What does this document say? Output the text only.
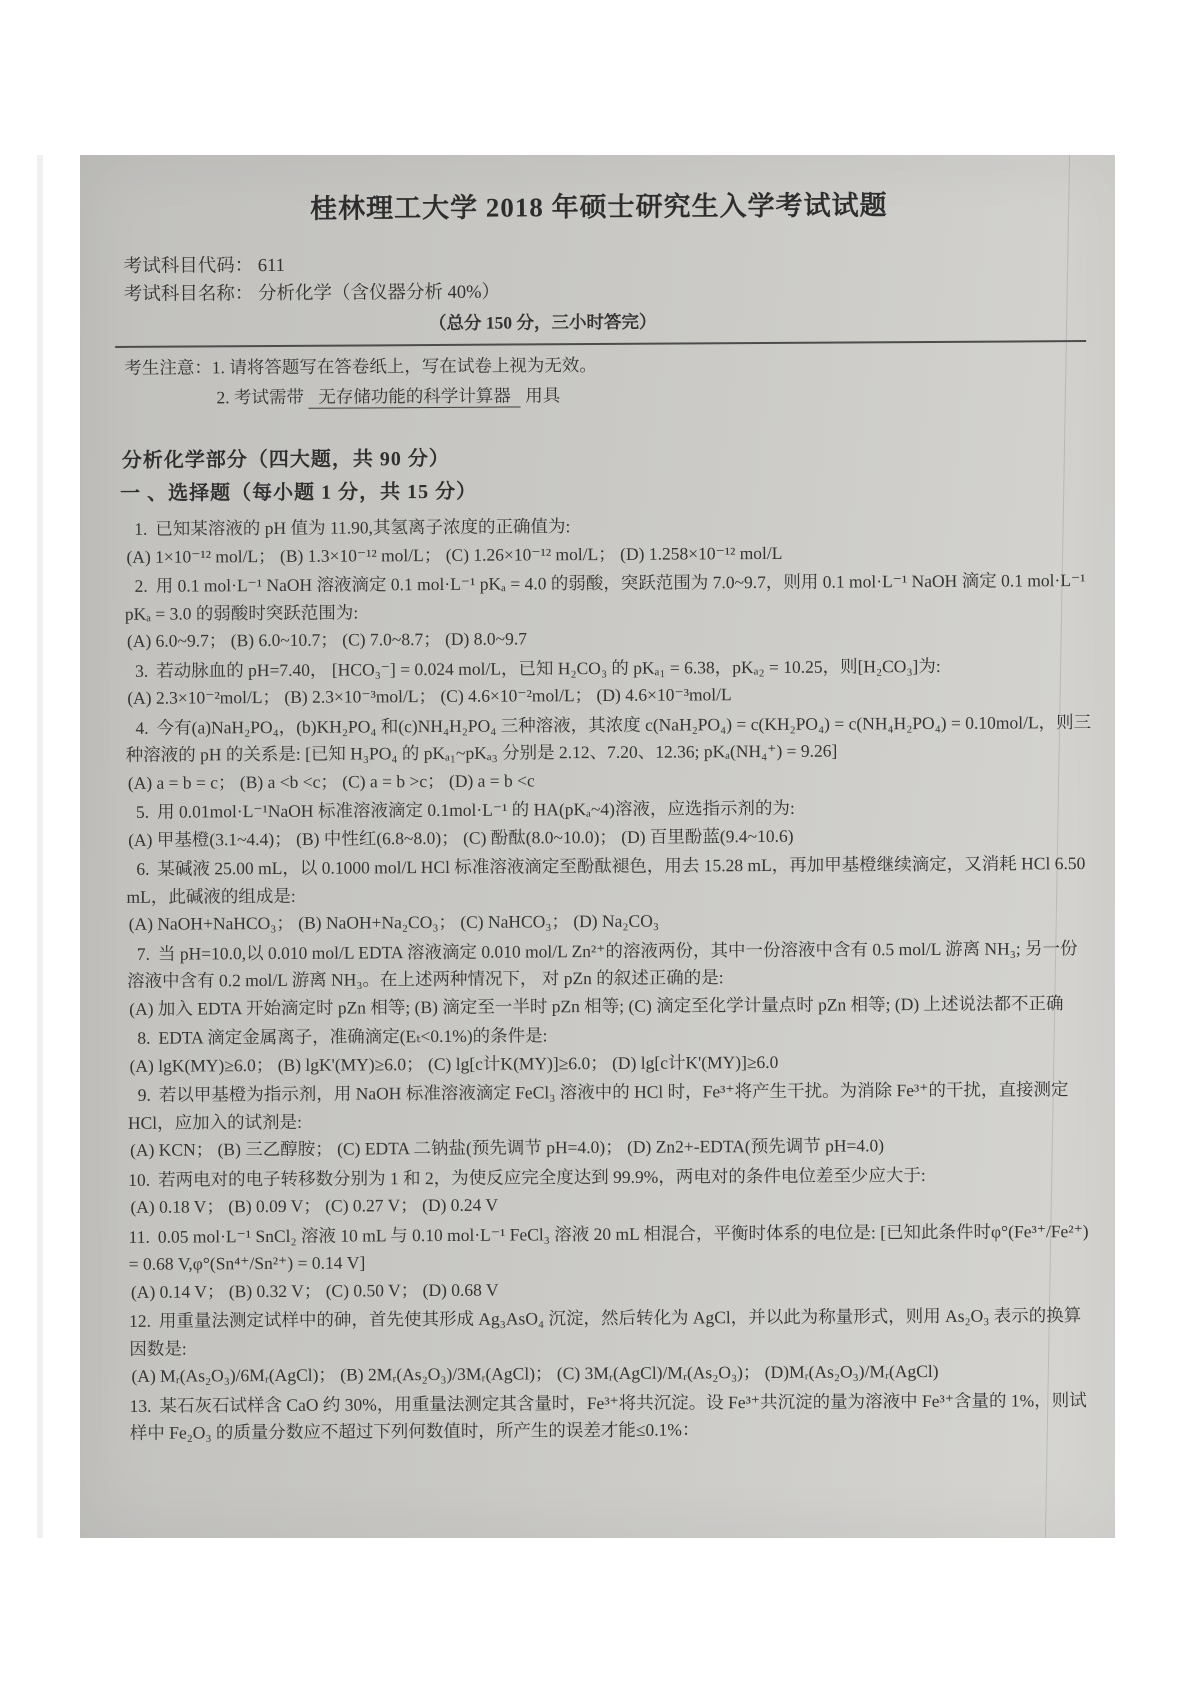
桂林理工大学 2018 年硕士研究生入学考试试题
考试科目代码： 611
考试科目名称： 分析化学（含仪器分析 40%）
（总分 150 分，三小时答完）
考生注意：1. 请将答题写在答卷纸上，写在试卷上视为无效。
2. 考试需带 无存储功能的科学计算器 用具
分析化学部分（四大题，共 90 分）
一 、选择题（每小题 1 分，共 15 分）
1. 已知某溶液的 pH 值为 11.90,其氢离子浓度的正确值为:
(A) 1×10⁻¹² mol/L； (B) 1.3×10⁻¹² mol/L； (C) 1.26×10⁻¹² mol/L； (D) 1.258×10⁻¹² mol/L
2. 用 0.1 mol·L⁻¹ NaOH 溶液滴定 0.1 mol·L⁻¹ pKₐ = 4.0 的弱酸，突跃范围为 7.0~9.7，则用 0.1 mol·L⁻¹ NaOH 滴定 0.1 mol·L⁻¹ pKₐ = 3.0 的弱酸时突跃范围为:
(A) 6.0~9.7； (B) 6.0~10.7； (C) 7.0~8.7； (D) 8.0~9.7
3. 若动脉血的 pH=7.40， [HCO₃⁻] = 0.024 mol/L，已知 H₂CO₃ 的 pKₐ₁ = 6.38，pKₐ₂ = 10.25，则[H₂CO₃]为:
(A) 2.3×10⁻²mol/L； (B) 2.3×10⁻³mol/L； (C) 4.6×10⁻²mol/L； (D) 4.6×10⁻³mol/L
4. 今有(a)NaH₂PO₄，(b)KH₂PO₄ 和(c)NH₄H₂PO₄ 三种溶液，其浓度 c(NaH₂PO₄) = c(KH₂PO₄) = c(NH₄H₂PO₄) = 0.10mol/L，则三种溶液的 pH 的关系是: [已知 H₃PO₄ 的 pKₐ₁~pKₐ₃ 分别是 2.12、7.20、12.36; pKₐ(NH₄⁺) = 9.26]
(A) a = b = c； (B) a <b <c； (C) a = b >c； (D) a = b <c
5. 用 0.01mol·L⁻¹NaOH 标准溶液滴定 0.1mol·L⁻¹ 的 HA(pKₐ~4)溶液，应选指示剂的为:
(A) 甲基橙(3.1~4.4)； (B) 中性红(6.8~8.0)； (C) 酚酞(8.0~10.0)； (D) 百里酚蓝(9.4~10.6)
6. 某碱液 25.00 mL，以 0.1000 mol/L HCl 标准溶液滴定至酚酞褪色，用去 15.28 mL，再加甲基橙继续滴定，又消耗 HCl 6.50 mL，此碱液的组成是:
(A) NaOH+NaHCO₃； (B) NaOH+Na₂CO₃； (C) NaHCO₃； (D) Na₂CO₃
7. 当 pH=10.0,以 0.010 mol/L EDTA 溶液滴定 0.010 mol/L Zn²⁺的溶液两份，其中一份溶液中含有 0.5 mol/L 游离 NH₃; 另一份溶液中含有 0.2 mol/L 游离 NH₃。在上述两种情况下， 对 pZn 的叙述正确的是:
(A) 加入 EDTA 开始滴定时 pZn 相等; (B) 滴定至一半时 pZn 相等; (C) 滴定至化学计量点时 pZn 相等; (D) 上述说法都不正确
8. EDTA 滴定金属离子，准确滴定(Eₜ<0.1%)的条件是:
(A) lgK(MY)≥6.0； (B) lgK'(MY)≥6.0； (C) lg[c计K(MY)]≥6.0； (D) lg[c计K'(MY)]≥6.0
9. 若以甲基橙为指示剂，用 NaOH 标准溶液滴定 FeCl₃ 溶液中的 HCl 时，Fe³⁺将产生干扰。为消除 Fe³⁺的干扰，直接测定 HCl，应加入的试剂是:
(A) KCN； (B) 三乙醇胺； (C) EDTA 二钠盐(预先调节 pH=4.0)； (D) Zn2+-EDTA(预先调节 pH=4.0)
10. 若两电对的电子转移数分别为 1 和 2，为使反应完全度达到 99.9%，两电对的条件电位差至少应大于:
(A) 0.18 V； (B) 0.09 V； (C) 0.27 V； (D) 0.24 V
11. 0.05 mol·L⁻¹ SnCl₂ 溶液 10 mL 与 0.10 mol·L⁻¹ FeCl₃ 溶液 20 mL 相混合，平衡时体系的电位是: [已知此条件时φ°(Fe³⁺/Fe²⁺) = 0.68 V,φ°(Sn⁴⁺/Sn²⁺) = 0.14 V]
(A) 0.14 V； (B) 0.32 V； (C) 0.50 V； (D) 0.68 V
12. 用重量法测定试样中的砷，首先使其形成 Ag₃AsO₄ 沉淀，然后转化为 AgCl，并以此为称量形式，则用 As₂O₃ 表示的换算因数是:
(A) Mᵣ(As₂O₃)/6Mᵣ(AgCl)； (B) 2Mᵣ(As₂O₃)/3Mᵣ(AgCl)； (C) 3Mᵣ(AgCl)/Mᵣ(As₂O₃)； (D)Mᵣ(As₂O₃)/Mᵣ(AgCl)
13. 某石灰石试样含 CaO 约 30%，用重量法测定其含量时，Fe³⁺将共沉淀。设 Fe³⁺共沉淀的量为溶液中 Fe³⁺含量的 1%，则试样中 Fe₂O₃ 的质量分数应不超过下列何数值时，所产生的误差才能≤0.1%：
